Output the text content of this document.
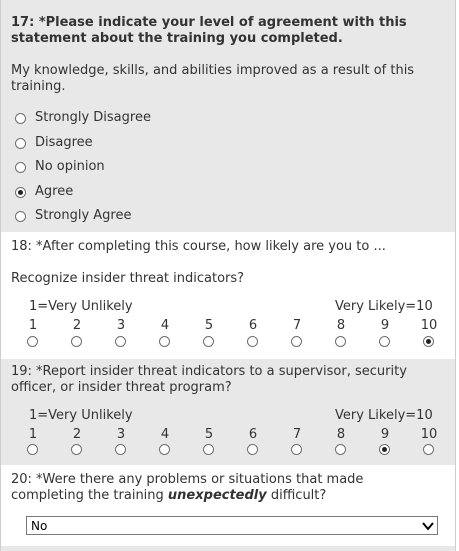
17: *Please indicate your level of agreement with this
statement about the training you completed.
My knowledge, skills, and abilities improved as a result of this
training.
Strongly Disagree
Disagree
No opinion
Agree
Strongly Agree
18: *After completing this course, how likely are you to ...
Recognize insider threat indicators?
1=Very Unlikely	Very Likely=10
1	2	3	4	5	6	7	8	9	10
19: *Report insider threat indicators to a supervisor, security
officer, or insider threat program?
1=Very Unlikely	Very Likely=10
1	2	3	4	5	6	7	8	9	10
20: *Were there any problems or situations that made
completing the training unexpectedly difficult?
No
